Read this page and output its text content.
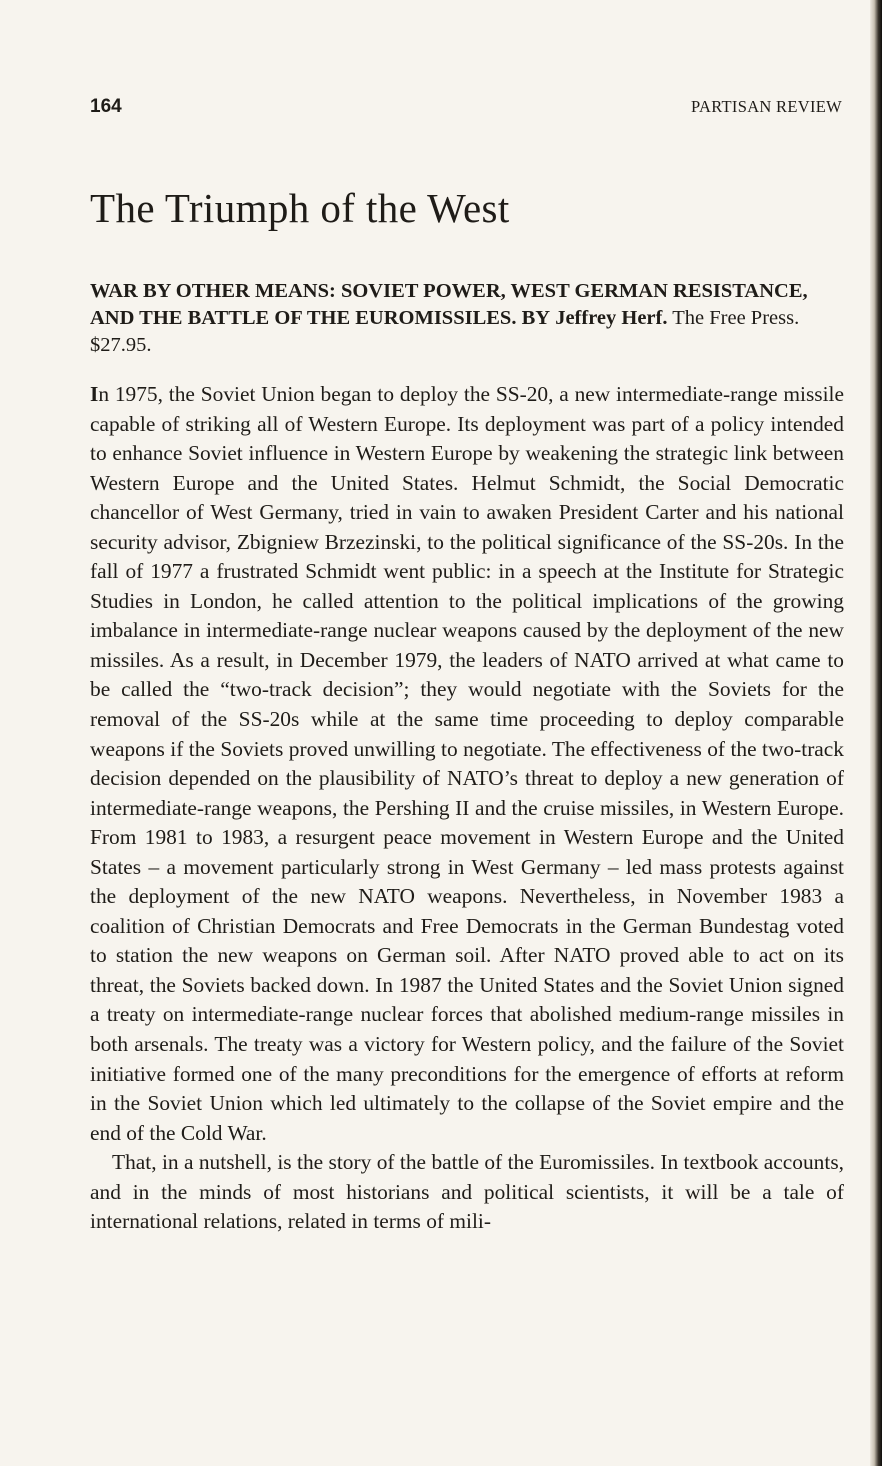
164	PARTISAN REVIEW
The Triumph of the West
WAR BY OTHER MEANS: SOVIET POWER, WEST GERMAN RESISTANCE, AND THE BATTLE OF THE EUROMISSILES. BY Jeffrey Herf. The Free Press. $27.95.

In 1975, the Soviet Union began to deploy the SS-20, a new intermediate-range missile capable of striking all of Western Europe. Its deployment was part of a policy intended to enhance Soviet influence in Western Europe by weakening the strategic link between Western Europe and the United States. Helmut Schmidt, the Social Democratic chancellor of West Germany, tried in vain to awaken President Carter and his national security advisor, Zbigniew Brzezinski, to the political significance of the SS-20s. In the fall of 1977 a frustrated Schmidt went public: in a speech at the Institute for Strategic Studies in London, he called attention to the political implications of the growing imbalance in intermediate-range nuclear weapons caused by the deployment of the new missiles. As a result, in December 1979, the leaders of NATO arrived at what came to be called the “two-track decision”; they would negotiate with the Soviets for the removal of the SS-20s while at the same time proceeding to deploy comparable weapons if the Soviets proved unwilling to negotiate. The effectiveness of the two-track decision depended on the plausibility of NATO’s threat to deploy a new generation of intermediate-range weapons, the Pershing II and the cruise missiles, in Western Europe. From 1981 to 1983, a resurgent peace movement in Western Europe and the United States – a movement particularly strong in West Germany – led mass protests against the deployment of the new NATO weapons. Nevertheless, in November 1983 a coalition of Christian Democrats and Free Democrats in the German Bundestag voted to station the new weapons on German soil. After NATO proved able to act on its threat, the Soviets backed down. In 1987 the United States and the Soviet Union signed a treaty on intermediate-range nuclear forces that abolished medium-range missiles in both arsenals. The treaty was a victory for Western policy, and the failure of the Soviet initiative formed one of the many preconditions for the emergence of efforts at reform in the Soviet Union which led ultimately to the collapse of the Soviet empire and the end of the Cold War.

That, in a nutshell, is the story of the battle of the Euromissiles. In textbook accounts, and in the minds of most historians and political scientists, it will be a tale of international relations, related in terms of mili-
